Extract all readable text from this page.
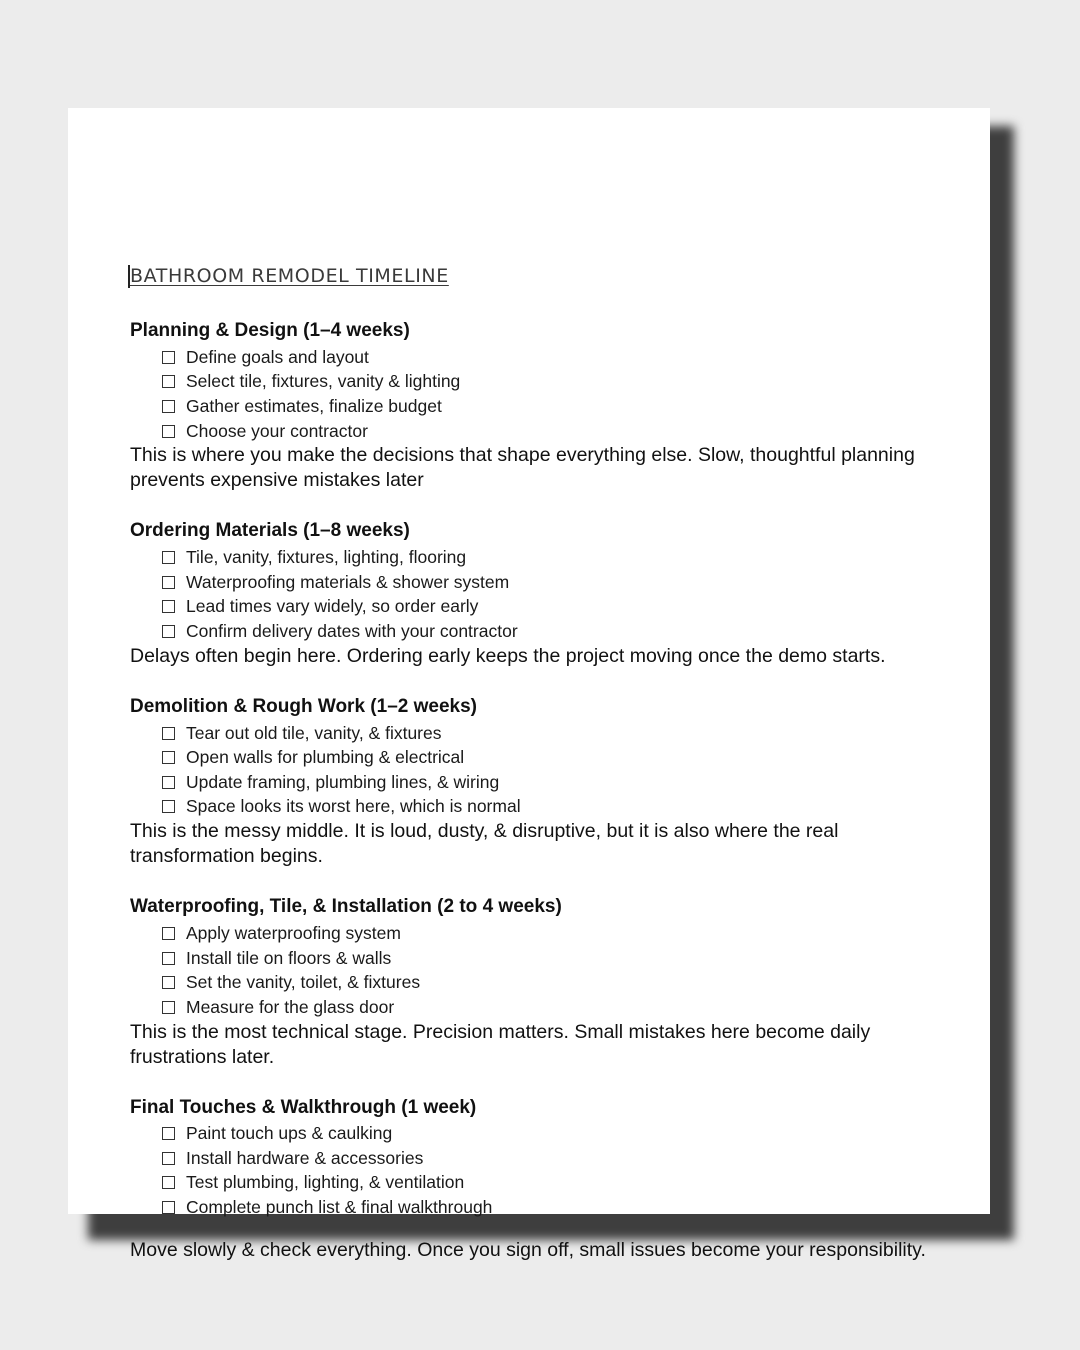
BATHROOM REMODEL TIMELINE
Planning & Design (1–4 weeks)
Define goals and layout
Select tile, fixtures, vanity & lighting
Gather estimates, finalize budget
Choose your contractor

This is where you make the decisions that shape everything else. Slow, thoughtful planning prevents expensive mistakes later

Ordering Materials (1–8 weeks)
Tile, vanity, fixtures, lighting, flooring
Waterproofing materials & shower system
Lead times vary widely, so order early
Confirm delivery dates with your contractor

Delays often begin here. Ordering early keeps the project moving once the demo starts.

Demolition & Rough Work (1–2 weeks)
Tear out old tile, vanity, & fixtures
Open walls for plumbing & electrical
Update framing, plumbing lines, & wiring
Space looks its worst here, which is normal

This is the messy middle. It is loud, dusty, & disruptive, but it is also where the real transformation begins.

Waterproofing, Tile, & Installation (2 to 4 weeks)
Apply waterproofing system
Install tile on floors & walls
Set the vanity, toilet, & fixtures
Measure for the glass door

This is the most technical stage. Precision matters. Small mistakes here become daily frustrations later.

Final Touches & Walkthrough (1 week)
Paint touch ups & caulking
Install hardware & accessories
Test plumbing, lighting, & ventilation
Complete punch list & final walkthrough

Move slowly & check everything. Once you sign off, small issues become your responsibility.
